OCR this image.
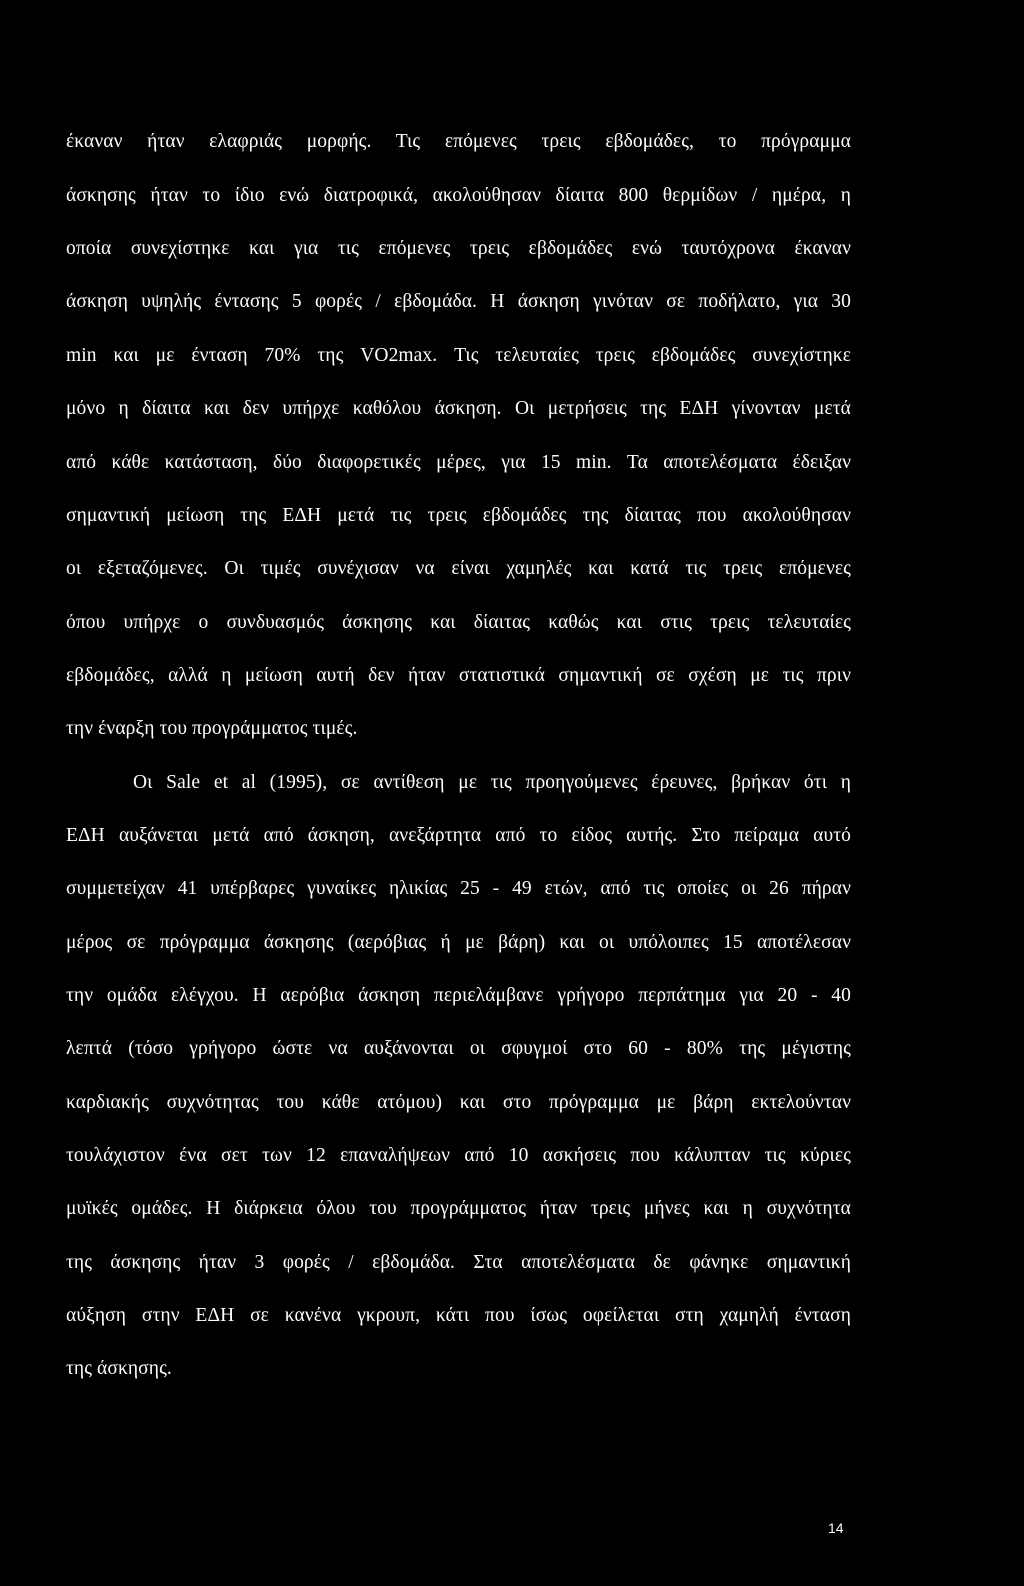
έκαναν ήταν ελαφριάς μορφής. Τις επόμενες τρεις εβδομάδες, το πρόγραμμα
άσκησης ήταν το ίδιο ενώ διατροφικά, ακολούθησαν δίαιτα 800 θερμίδων / ημέρα, η
οποία συνεχίστηκε και για τις επόμενες τρεις εβδομάδες ενώ ταυτόχρονα έκαναν
άσκηση υψηλής έντασης 5 φορές / εβδομάδα. Η άσκηση γινόταν σε ποδήλατο, για 30
min και με ένταση 70% της VO2max. Τις τελευταίες τρεις εβδομάδες συνεχίστηκε
μόνο η δίαιτα και δεν υπήρχε καθόλου άσκηση. Οι μετρήσεις της ΕΔΗ γίνονταν μετά
από κάθε κατάσταση, δύο διαφορετικές μέρες, για 15 min. Τα αποτελέσματα έδειξαν
σημαντική μείωση της ΕΔΗ μετά τις τρεις εβδομάδες της δίαιτας που ακολούθησαν
οι εξεταζόμενες. Οι τιμές συνέχισαν να είναι χαμηλές και κατά τις τρεις επόμενες
όπου υπήρχε ο συνδυασμός άσκησης και δίαιτας καθώς και στις τρεις τελευταίες
εβδομάδες, αλλά η μείωση αυτή δεν ήταν στατιστικά σημαντική σε σχέση με τις πριν
την έναρξη του προγράμματος τιμές.
Οι Sale et al (1995), σε αντίθεση με τις προηγούμενες έρευνες, βρήκαν ότι η
ΕΔΗ αυξάνεται μετά από άσκηση, ανεξάρτητα από το είδος αυτής. Στο πείραμα αυτό
συμμετείχαν 41 υπέρβαρες γυναίκες ηλικίας 25 - 49 ετών, από τις οποίες οι 26 πήραν
μέρος σε πρόγραμμα άσκησης (αερόβιας ή με βάρη) και οι υπόλοιπες 15 αποτέλεσαν
την ομάδα ελέγχου. Η αερόβια άσκηση περιελάμβανε γρήγορο περπάτημα για 20 - 40
λεπτά (τόσο γρήγορο ώστε να αυξάνονται οι σφυγμοί στο 60 - 80% της μέγιστης
καρδιακής συχνότητας του κάθε ατόμου) και στο πρόγραμμα με βάρη εκτελούνταν
τουλάχιστον ένα σετ των 12 επαναλήψεων από 10 ασκήσεις που κάλυπταν τις κύριες
μυϊκές ομάδες. Η διάρκεια όλου του προγράμματος ήταν τρεις μήνες και η συχνότητα
της άσκησης ήταν 3 φορές / εβδομάδα. Στα αποτελέσματα δε φάνηκε σημαντική
αύξηση στην ΕΔΗ σε κανένα γκρουπ, κάτι που ίσως οφείλεται στη χαμηλή ένταση
της άσκησης.
14
